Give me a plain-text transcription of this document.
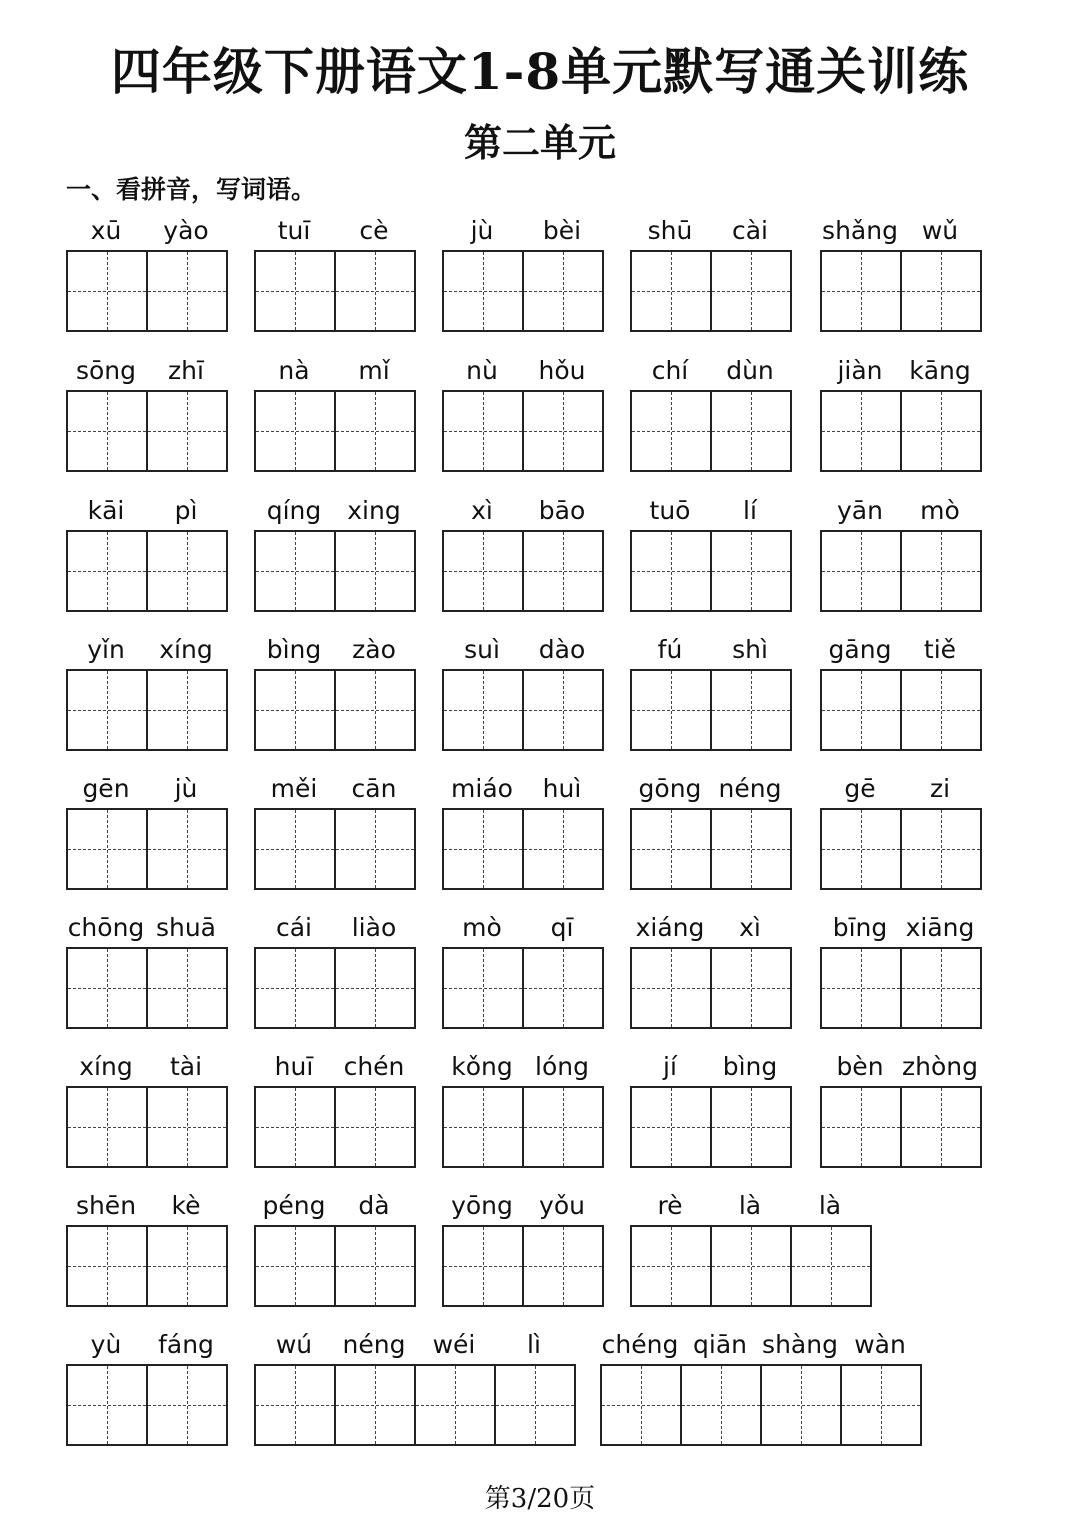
四年级下册语文1-8单元默写通关训练
第二单元
一、看拼音，写词语。
xū	yào	tuī	cè	jù	bèi	shū	cài	shǎng wǔ
sōng	zhī	nà	mǐ	nù	hǒu	chí	dùn	jiàn	kāng
kāi	pì	qíng	xing	xì	bāo	tuō	lí	yān	mò
yǐn	xíng	bìng	zào	suì	dào	fú	shì	gāng	tiě
gēn	jù	měi	cān	miáo	huì	gōng néng	gē	zi
chōng shuā	cái	liào	mò	qī	xiáng	xì	bīng xiāng
xíng	tài	huī	chén	kǒng lóng	jí	bìng	bèn zhòng
shēn	kè	péng	dà	yōng	yǒu	rè	là	là
yù	fáng	wú	néng	wéi	lì	chéng qiān shàng wàn
第3/20页
